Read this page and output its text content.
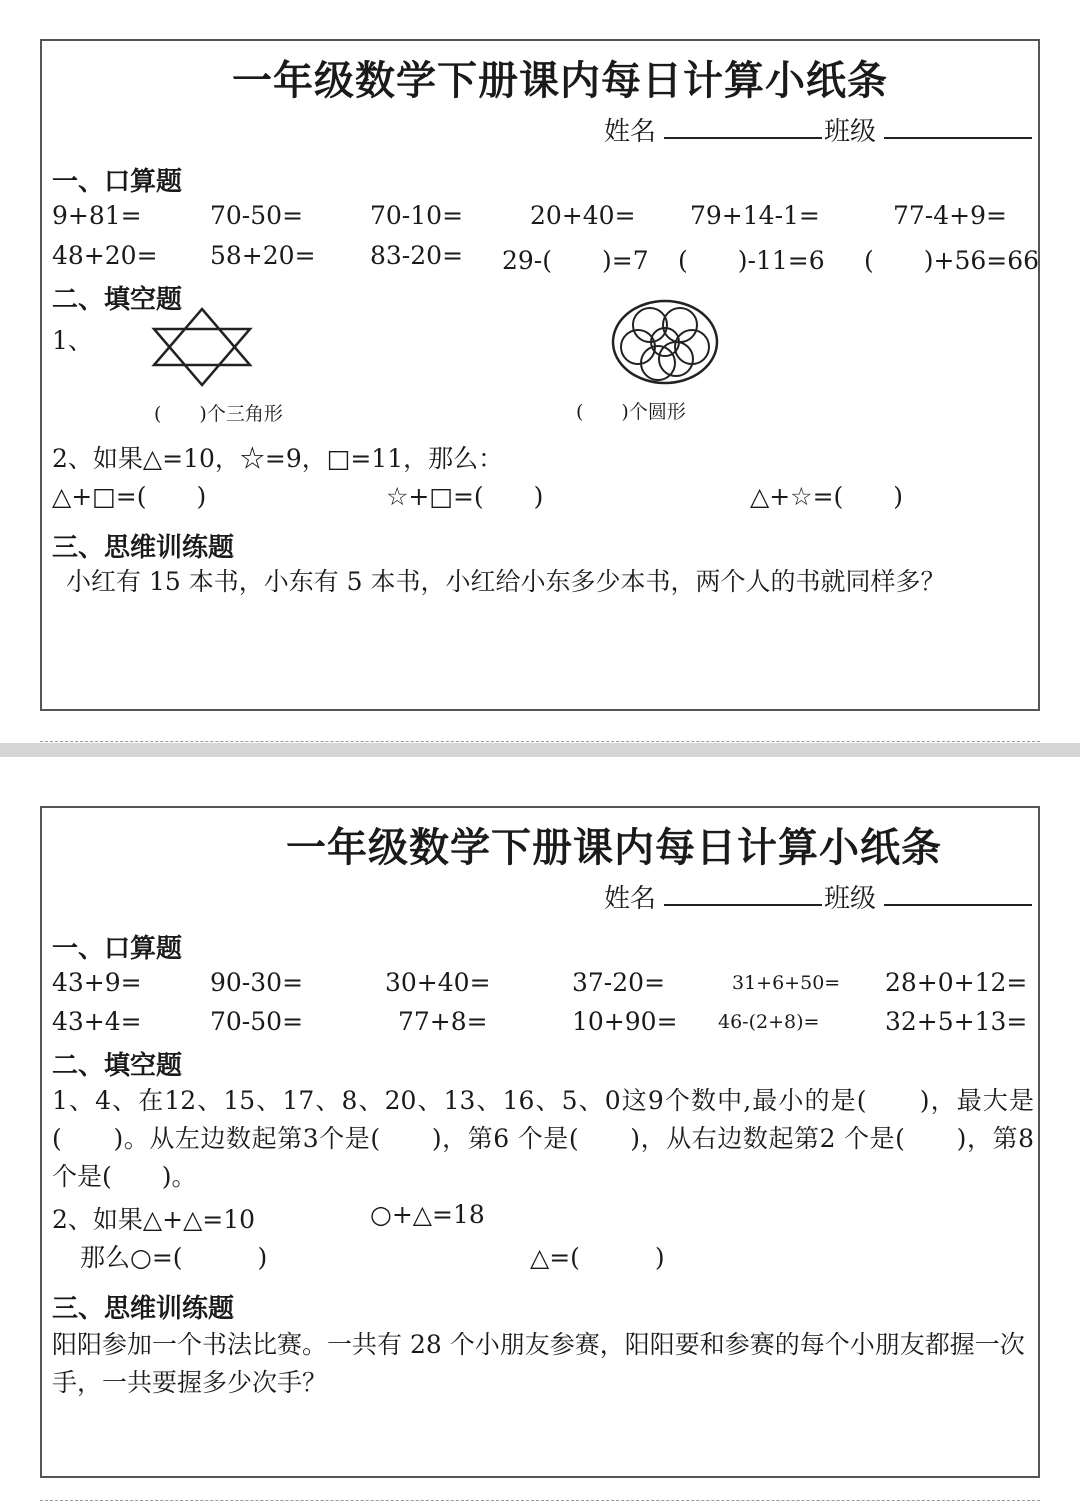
一年级数学下册课内每日计算小纸条
姓名	班级
一、口算题
9+81=	70-50=	70-10=	20+40= 79+14-1=	77-4+9=
48+20= 58+20= 83-20= 29-(　　)=7 (　　)-11=6 (　　)+56=66
二、填空题
1、
(　　)个三角形	(　　)个圆形
2、如果△=10，☆=9，□=11，那么：
△+□=(　　)	☆+□=(　　)	△+☆=(　　)
三、思维训练题
小红有 15 本书，小东有 5 本书，小红给小东多少本书，两个人的书就同样多？
一年级数学下册课内每日计算小纸条
姓名	班级
一、口算题
43+9=	90-30=	30+40=	37-20=	31+6+50= 28+0+12=
43+4=	70-50=	77+8=	10+90= 46-(2+8)=	32+5+13=
二、填空题
1、4、在12、15、17、8、20、13、16、5、0这9个数中,最小的是(　　)，最大是(　　)。从左边数起第3个是(　　)，第6 个是(　　)，从右边数起第2 个是(　　)，第8个是(　　)。
2、如果△+△=10	○+△=18
那么○=(　　　)	△=(　　　)
三、思维训练题
阳阳参加一个书法比赛。一共有 28 个小朋友参赛，阳阳要和参赛的每个小朋友都握一次手，一共要握多少次手？
